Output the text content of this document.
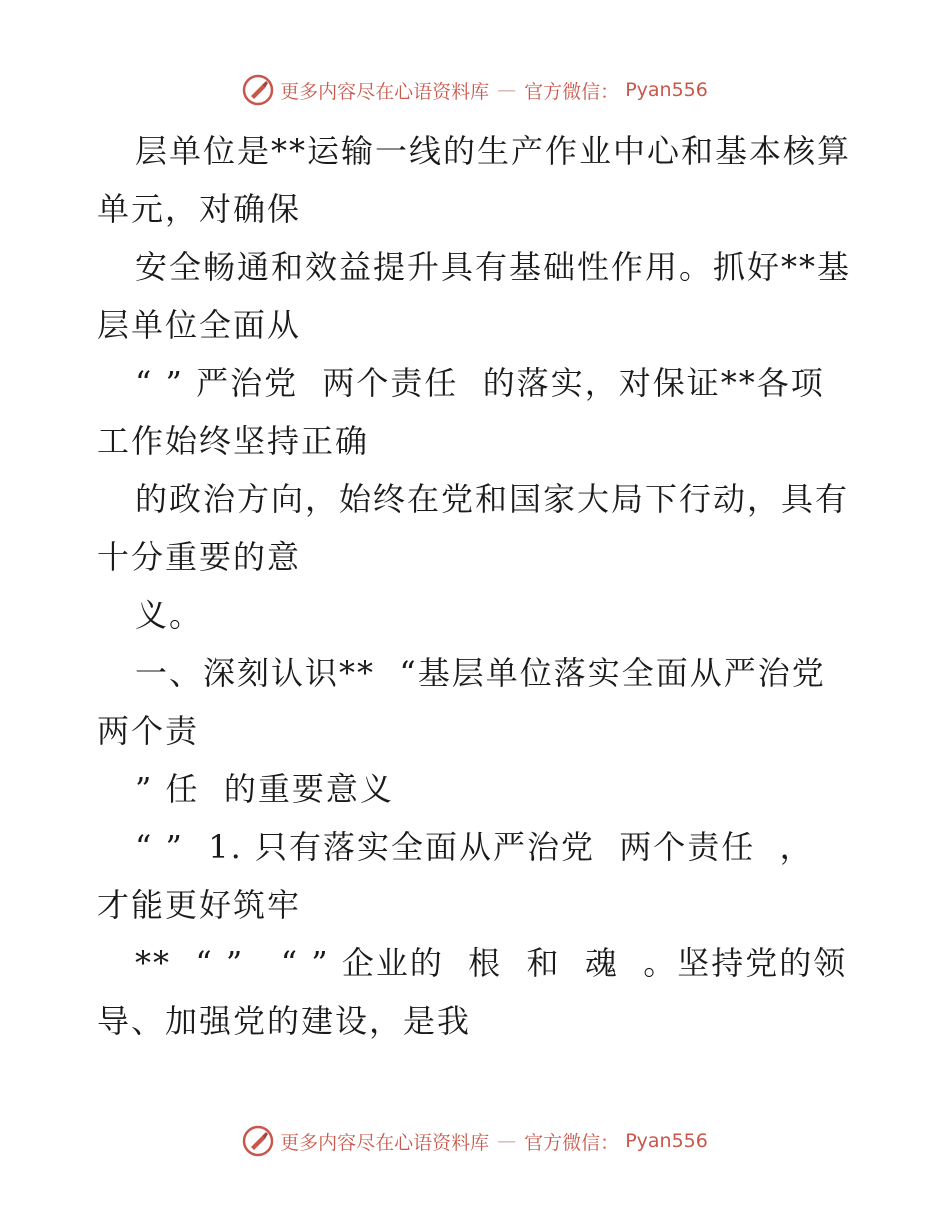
更多内容尽在心语资料库 — 官方微信： Pyan556
层单位是**运输一线的生产作业中心和基本核算
单元，对确保
安全畅通和效益提升具有基础性作用。抓好**基
层单位全面从
“ ” 严治党  两个责任  的落实，对保证**各项
工作始终坚持正确
的政治方向，始终在党和国家大局下行动，具有
十分重要的意
义。
一、深刻认识**  “基层单位落实全面从严治党
两个责
” 任  的重要意义
“ ”  1. 只有落实全面从严治党  两个责任  ，
才能更好筑牢
**  “ ”   “ ” 企业的  根  和  魂  。坚持党的领
导、加强党的建设，是我
更多内容尽在心语资料库 — 官方微信： Pyan556
